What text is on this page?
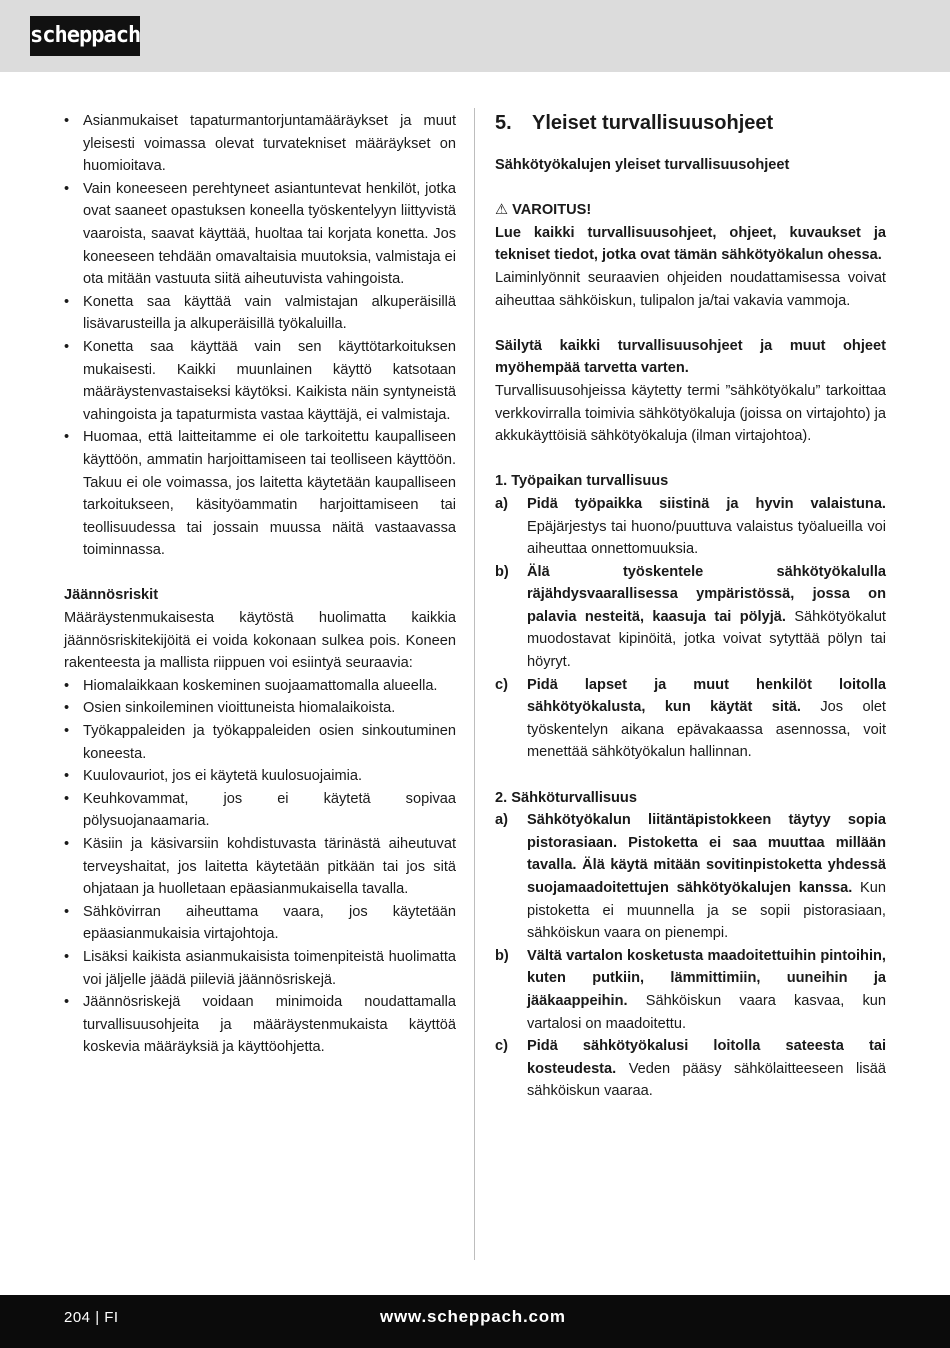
scheppach
• Asianmukaiset tapaturmantorjuntamääräykset ja muut yleisesti voimassa olevat turvatekniset määräykset on huomioitava.
• Vain koneeseen perehtyneet asiantuntevat henkilöt, jotka ovat saaneet opastuksen koneella työskentelyyn liittyvistä vaaroista, saavat käyttää, huoltaa tai korjata konetta. Jos koneeseen tehdään omavaltaisia muutoksia, valmistaja ei ota mitään vastuuta siitä aiheutuvista vahingoista.
• Konetta saa käyttää vain valmistajan alkuperäisillä lisävarusteilla ja alkuperäisillä työkaluilla.
• Konetta saa käyttää vain sen käyttötarkoituksen mukaisesti. Kaikki muunlainen käyttö katsotaan määräystenvastaiseksi käytöksi. Kaikista näin syntyneistä vahingoista ja tapaturmista vastaa käyttäjä, ei valmistaja.
• Huomaa, että laitteitamme ei ole tarkoitettu kaupalliseen käyttöön, ammatin harjoittamiseen tai teolliseen käyttöön. Takuu ei ole voimassa, jos laitetta käytetään kaupalliseen tarkoitukseen, käsityöammatin harjoittamiseen tai teollisuudessa tai jossain muussa näitä vastaavassa toiminnassa.

Jäännösriskit

Määräystenmukaisesta käytöstä huolimatta kaikkia jäännösriskitekijöitä ei voida kokonaan sulkea pois. Koneen rakenteesta ja mallista riippuen voi esiintyä seuraavia:

• Hiomalaikkaan koskeminen suojaamattomalla alueella.
• Osien sinkoileminen vioittuneista hiomalaikoista.
• Työkappaleiden ja työkappaleiden osien sinkoutuminen koneesta.
• Kuulovauriot, jos ei käytetä kuulosuojaimia.
• Keuhkovammat, jos ei käytetä sopivaa pölysuojanaamaria.
• Käsiin ja käsivarsiin kohdistuvasta tärinästä aiheutuvat terveyshaitat, jos laitetta käytetään pitkään tai jos sitä ohjataan ja huolletaan epäasianmukaisella tavalla.
• Sähkövirran aiheuttama vaara, jos käytetään epäasianmukaisia virtajohtoja.
• Lisäksi kaikista asianmukaisista toimenpiteistä huolimatta voi jäljelle jäädä piileviä jäännösriskejä.
• Jäännösriskejä voidaan minimoida noudattamalla turvallisuusohjeita ja määräystenmukaista käyttöä koskevia määräyksiä ja käyttöohjetta.

5. Yleiset turvallisuusohjeet

Sähkötyökalujen yleiset turvallisuusohjeet

⚠ VAROITUS!

Lue kaikki turvallisuusohjeet, ohjeet, kuvaukset ja tekniset tiedot, jotka ovat tämän sähkötyökalun ohessa.

Laiminlyönnit seuraavien ohjeiden noudattamisessa voivat aiheuttaa sähköiskun, tulipalon ja/tai vakavia vammoja.

Säilytä kaikki turvallisuusohjeet ja muut ohjeet myöhempää tarvetta varten.

Turvallisuusohjeissa käytetty termi ”sähkötyökalu” tarkoittaa verkkovirralla toimivia sähkötyökaluja (joissa on virtajohto) ja akkukäyttöisiä sähkötyökaluja (ilman virtajohtoa).

1. Työpaikan turvallisuus

a) Pidä työpaikka siistinä ja hyvin valaistuna. Epäjärjestys tai huono/puuttuva valaistus työalueilla voi aiheuttaa onnettomuuksia.
b) Älä työskentele sähkötyökalulla räjähdysvaarallisessa ympäristössä, jossa on palavia nesteitä, kaasuja tai pölyjä. Sähkötyökalut muodostavat kipinöitä, jotka voivat sytyttää pölyn tai höyryt.
c) Pidä lapset ja muut henkilöt loitolla sähkötyökalusta, kun käytät sitä. Jos olet työskentelyn aikana epävakaassa asennossa, voit menettää sähkötyökalun hallinnan.

2. Sähköturvallisuus

a) Sähkötyökalun liitäntäpistokkeen täytyy sopia pistorasiaan. Pistoketta ei saa muuttaa millään tavalla. Älä käytä mitään sovitinpistoketta yhdessä suojamaadoitettujen sähkötyökalujen kanssa. Kun pistoketta ei muunnella ja se sopii pistorasiaan, sähköiskun vaara on pienempi.
b) Vältä vartalon kosketusta maadoitettuihin pintoihin, kuten putkiin, lämmittimiin, uuneihin ja jääkaappeihin. Sähköiskun vaara kasvaa, kun vartalosi on maadoitettu.
c) Pidä sähkötyökalusi loitolla sateesta tai kosteudesta. Veden pääsy sähkölaitteeseen lisää sähköiskun vaaraa.
204 | FI	www.scheppach.com
